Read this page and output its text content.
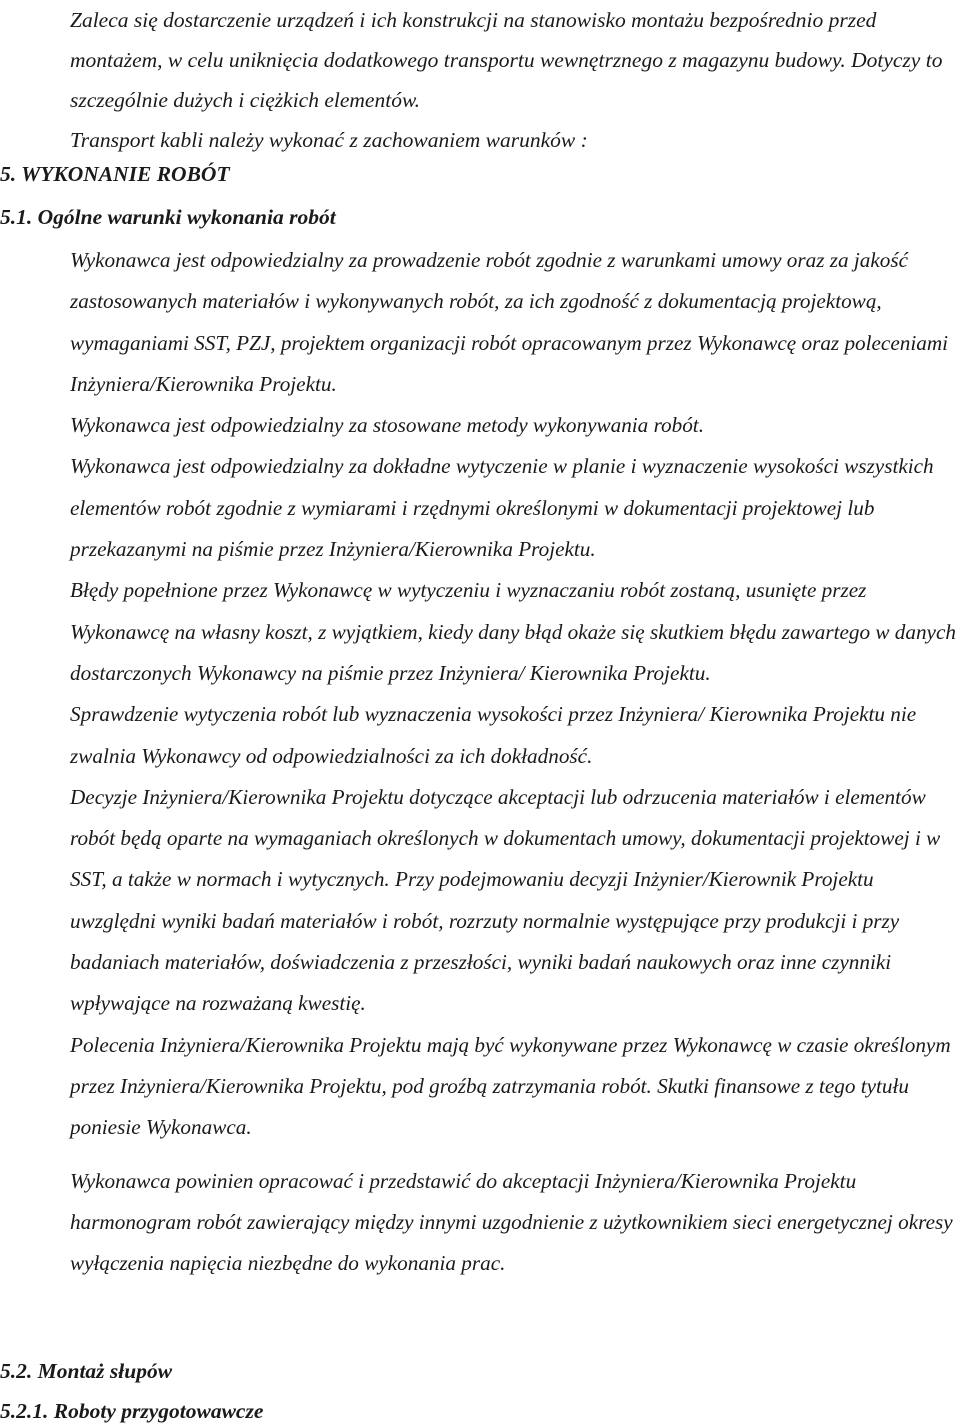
Zaleca się dostarczenie urządzeń i ich konstrukcji na stanowisko montażu bezpośrednio przed montażem, w celu uniknięcia dodatkowego transportu wewnętrznego z magazynu budowy. Dotyczy to szczególnie dużych i ciężkich elementów.

Transport kabli należy wykonać z zachowaniem warunków :

5. WYKONANIE ROBÓT
5.1. Ogólne warunki wykonania robót

Wykonawca jest odpowiedzialny za prowadzenie robót zgodnie z warunkami umowy oraz za jakość zastosowanych materiałów i wykonywanych robót, za ich zgodność z dokumentacją projektową, wymaganiami SST, PZJ, projektem organizacji robót opracowanym przez Wykonawcę oraz poleceniami Inżyniera/Kierownika Projektu.

Wykonawca jest odpowiedzialny za stosowane metody wykonywania robót.

Wykonawca jest odpowiedzialny za dokładne wytyczenie w planie i wyznaczenie wysokości wszystkich elementów robót zgodnie z wymiarami i rzędnymi określonymi w dokumentacji projektowej lub przekazanymi na piśmie przez Inżyniera/Kierownika Projektu.

Błędy popełnione przez Wykonawcę w wytyczeniu i wyznaczaniu robót zostaną, usunięte przez Wykonawcę na własny koszt, z wyjątkiem, kiedy dany błąd okaże się skutkiem błędu zawartego w danych dostarczonych Wykonawcy na piśmie przez Inżyniera/ Kierownika Projektu.

Sprawdzenie wytyczenia robót lub wyznaczenia wysokości przez Inżyniera/ Kierownika Projektu nie zwalnia Wykonawcy od odpowiedzialności za ich dokładność.

Decyzje Inżyniera/Kierownika Projektu dotyczące akceptacji lub odrzucenia materiałów i elementów robót będą oparte na wymaganiach określonych w dokumentach umowy, dokumentacji projektowej i w SST, a także w normach i wytycznych. Przy podejmowaniu decyzji Inżynier/Kierownik Projektu uwzględni wyniki badań materiałów i robót, rozrzuty normalnie występujące przy produkcji i przy badaniach materiałów, doświadczenia z przeszłości, wyniki badań naukowych oraz inne czynniki wpływające na rozważaną kwestię.

Polecenia Inżyniera/Kierownika Projektu mają być wykonywane przez Wykonawcę w czasie określonym przez Inżyniera/Kierownika Projektu, pod groźbą zatrzymania robót. Skutki finansowe z tego tytułu poniesie Wykonawca.

Wykonawca powinien opracować i przedstawić do akceptacji Inżyniera/Kierownika Projektu harmonogram robót zawierający między innymi uzgodnienie z użytkownikiem sieci energetycznej okresy wyłączenia napięcia niezbędne do wykonania prac.

5.2. Montaż słupów
5.2.1. Roboty przygotowawcze
